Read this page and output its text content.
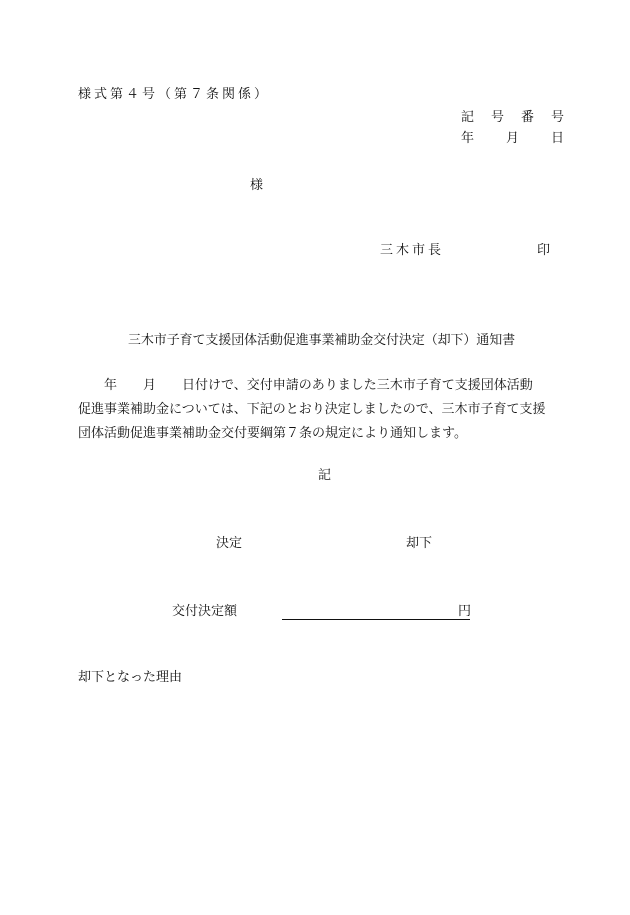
様式第４号（第７条関係）
記　号　番　号
年　　月　　日
様
三木市長	印
三木市子育て支援団体活動促進事業補助金交付決定（却下）通知書
　　年　　月　　日付けで、交付申請のありました三木市子育て支援団体活動
促進事業補助金については、下記のとおり決定しましたので、三木市子育て支援
団体活動促進事業補助金交付要綱第７条の規定により通知します。
記
決定	却下
交付決定額	円
却下となった理由
